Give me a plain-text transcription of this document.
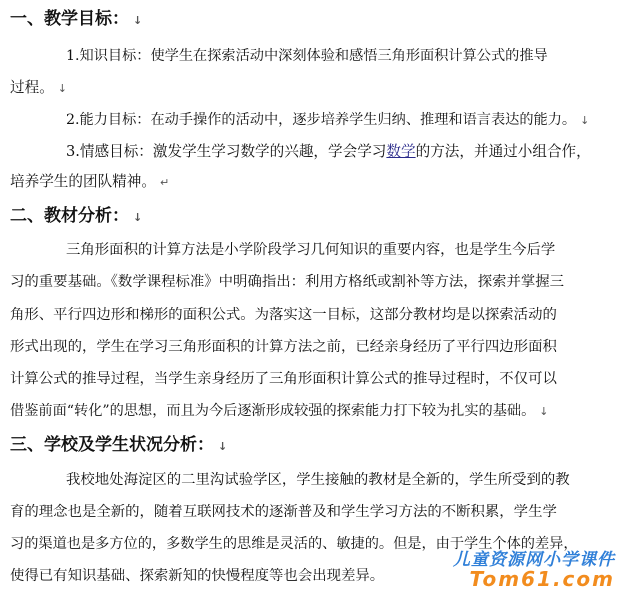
一、教学目标： ↓
1.知识目标：使学生在探索活动中深刻体验和感悟三角形面积计算公式的推导
过程。 ↓
2.能力目标：在动手操作的活动中，逐步培养学生归纳、推理和语言表达的能力。 ↓
3.情感目标：激发学生学习数学的兴趣，学会学习数学的方法，并通过小组合作，
培养学生的团队精神。 ↵
二、教材分析： ↓
三角形面积的计算方法是小学阶段学习几何知识的重要内容，也是学生今后学
习的重要基础。《数学课程标准》中明确指出：利用方格纸或割补等方法，探索并掌握三
角形、平行四边形和梯形的面积公式。为落实这一目标，这部分教材均是以探索活动的
形式出现的，学生在学习三角形面积的计算方法之前，已经亲身经历了平行四边形面积
计算公式的推导过程，当学生亲身经历了三角形面积计算公式的推导过程时，不仅可以
借鉴前面“转化”的思想，而且为今后逐渐形成较强的探索能力打下较为扎实的基础。 ↓
三、学校及学生状况分析： ↓
我校地处海淀区的二里沟试验学区，学生接触的教材是全新的，学生所受到的教
育的理念也是全新的，随着互联网技术的逐渐普及和学生学习方法的不断积累，学生学
习的渠道也是多方位的，多数学生的思维是灵活的、敏捷的。但是，由于学生个体的差异，
使得已有知识基础、探索新知的快慢程度等也会出现差异。
儿童资源网小学课件
Tom61.com
